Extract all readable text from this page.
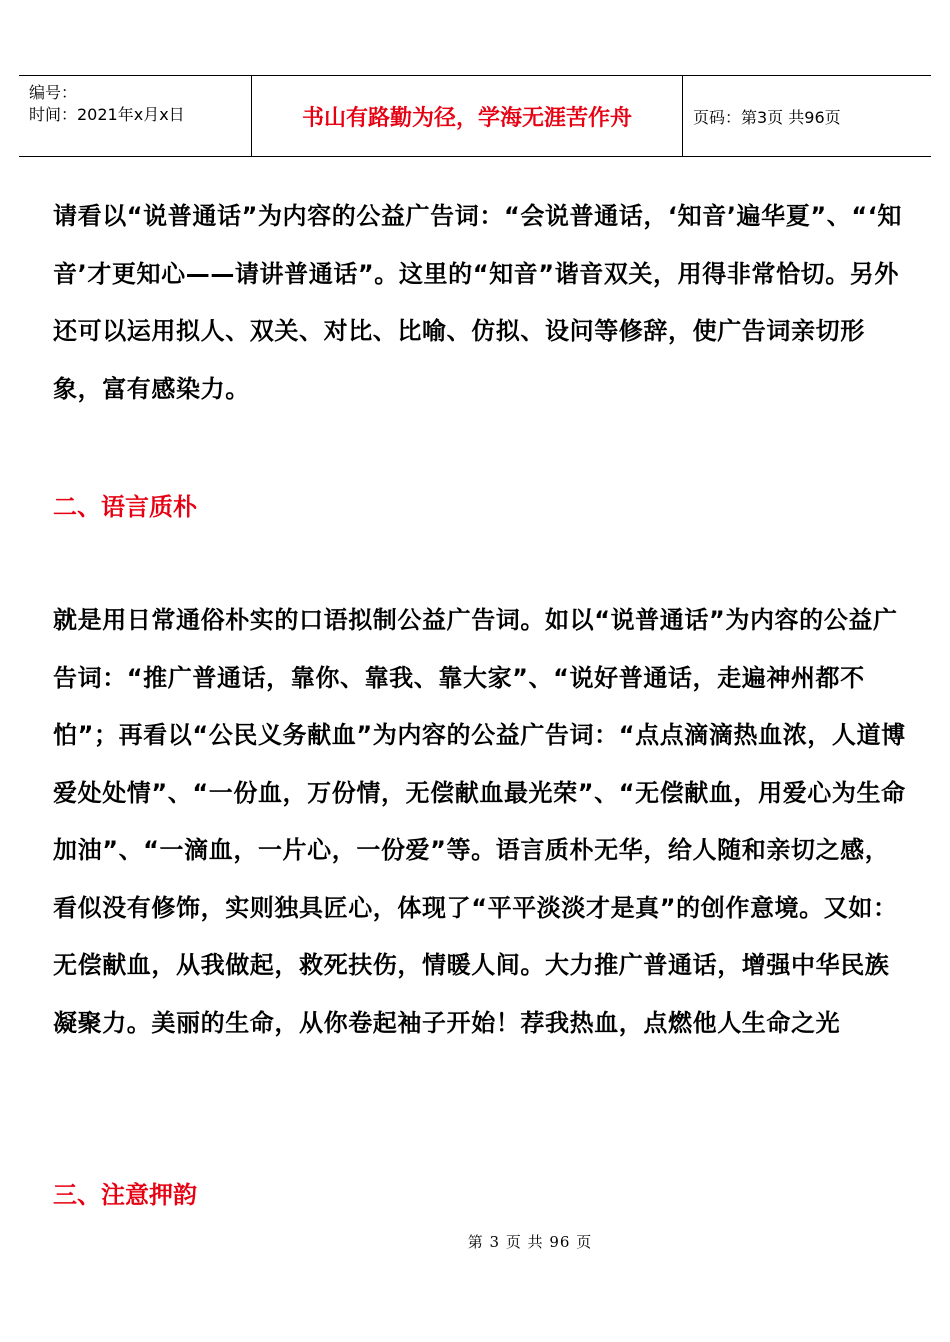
编号：
时间：2021年x月x日	书山有路勤为径，学海无涯苦作舟	页码：第3页 共96页

请看以“说普通话”为内容的公益广告词：“会说普通话，‘知音’遍华夏”、“‘知音’才更知心——请讲普通话”。这里的“知音”谐音双关，用得非常恰切。另外还可以运用拟人、双关、对比、比喻、仿拟、设问等修辞，使广告词亲切形象，富有感染力。

二、语言质朴

就是用日常通俗朴实的口语拟制公益广告词。如以“说普通话”为内容的公益广告词：“推广普通话，靠你、靠我、靠大家”、“说好普通话，走遍神州都不怕”；再看以“公民义务献血”为内容的公益广告词：“点点滴滴热血浓，人道博爱处处情”、“一份血，万份情，无偿献血最光荣”、“无偿献血，用爱心为生命加油”、“一滴血，一片心，一份爱”等。语言质朴无华，给人随和亲切之感，看似没有修饰，实则独具匠心，体现了“平平淡淡才是真”的创作意境。又如：无偿献血，从我做起，救死扶伤，情暖人间。大力推广普通话，增强中华民族凝聚力。美丽的生命，从你卷起袖子开始！荐我热血，点燃他人生命之光

三、注意押韵
第 3 页 共 96 页
